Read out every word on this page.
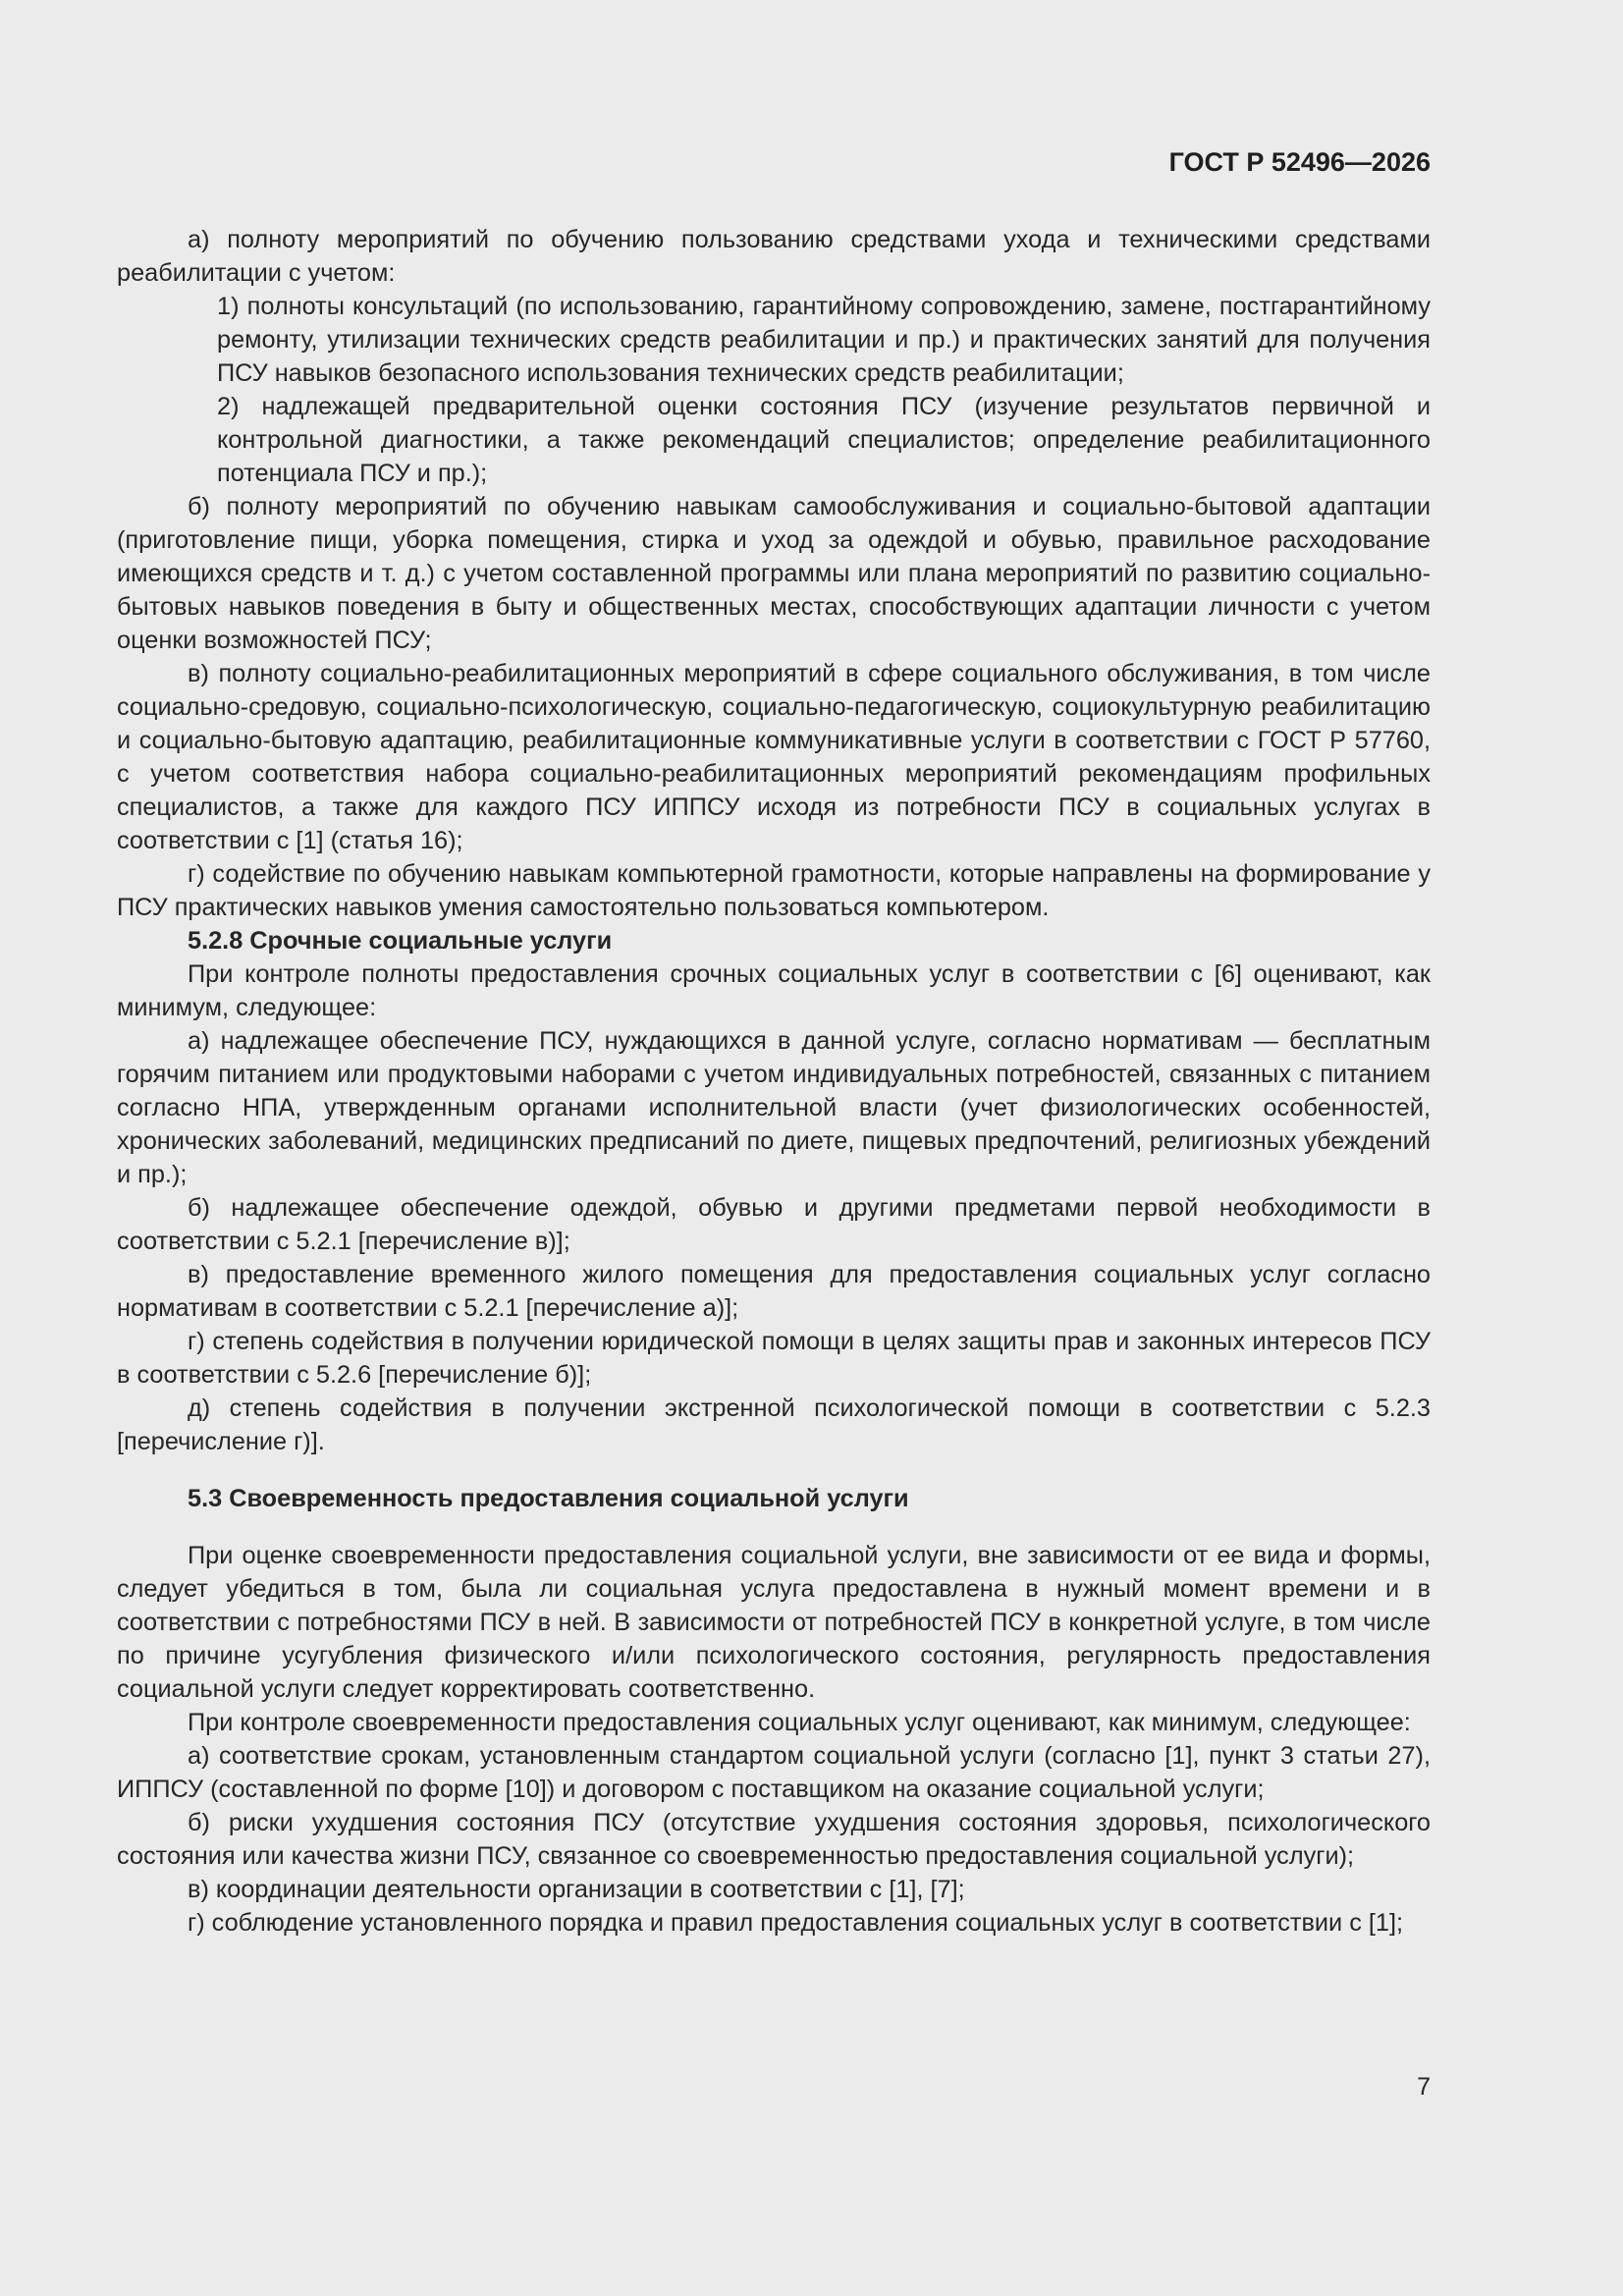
ГОСТ Р 52496—2026

а) полноту мероприятий по обучению пользованию средствами ухода и техническими средствами реабилитации с учетом:

1) полноты консультаций (по использованию, гарантийному сопровождению, замене, постгарантийному ремонту, утилизации технических средств реабилитации и пр.) и практических занятий для получения ПСУ навыков безопасного использования технических средств реабилитации;

2) надлежащей предварительной оценки состояния ПСУ (изучение результатов первичной и контрольной диагностики, а также рекомендаций специалистов; определение реабилитационного потенциала ПСУ и пр.);

б) полноту мероприятий по обучению навыкам самообслуживания и социально-бытовой адаптации (приготовление пищи, уборка помещения, стирка и уход за одеждой и обувью, правильное расходование имеющихся средств и т. д.) с учетом составленной программы или плана мероприятий по развитию социально-бытовых навыков поведения в быту и общественных местах, способствующих адаптации личности с учетом оценки возможностей ПСУ;

в) полноту социально-реабилитационных мероприятий в сфере социального обслуживания, в том числе социально-средовую, социально-психологическую, социально-педагогическую, социокультурную реабилитацию и социально-бытовую адаптацию, реабилитационные коммуникативные услуги в соответствии с ГОСТ Р 57760, с учетом соответствия набора социально-реабилитационных мероприятий рекомендациям профильных специалистов, а также для каждого ПСУ ИППСУ исходя из потребности ПСУ в социальных услугах в соответствии с [1] (статья 16);

г) содействие по обучению навыкам компьютерной грамотности, которые направлены на формирование у ПСУ практических навыков умения самостоятельно пользоваться компьютером.

5.2.8 Срочные социальные услуги

При контроле полноты предоставления срочных социальных услуг в соответствии с [6] оценивают, как минимум, следующее:

а) надлежащее обеспечение ПСУ, нуждающихся в данной услуге, согласно нормативам — бесплатным горячим питанием или продуктовыми наборами с учетом индивидуальных потребностей, связанных с питанием согласно НПА, утвержденным органами исполнительной власти (учет физиологических особенностей, хронических заболеваний, медицинских предписаний по диете, пищевых предпочтений, религиозных убеждений и пр.);

б) надлежащее обеспечение одеждой, обувью и другими предметами первой необходимости в соответствии с 5.2.1 [перечисление в)];

в) предоставление временного жилого помещения для предоставления социальных услуг согласно нормативам в соответствии с 5.2.1 [перечисление а)];

г) степень содействия в получении юридической помощи в целях защиты прав и законных интересов ПСУ в соответствии с 5.2.6 [перечисление б)];

д) степень содействия в получении экстренной психологической помощи в соответствии с 5.2.3 [перечисление г)].

5.3 Своевременность предоставления социальной услуги

При оценке своевременности предоставления социальной услуги, вне зависимости от ее вида и формы, следует убедиться в том, была ли социальная услуга предоставлена в нужный момент времени и в соответствии с потребностями ПСУ в ней. В зависимости от потребностей ПСУ в конкретной услуге, в том числе по причине усугубления физического и/или психологического состояния, регулярность предоставления социальной услуги следует корректировать соответственно.

При контроле своевременности предоставления социальных услуг оценивают, как минимум, следующее:

а) соответствие срокам, установленным стандартом социальной услуги (согласно [1], пункт 3 статьи 27), ИППСУ (составленной по форме [10]) и договором с поставщиком на оказание социальной услуги;

б) риски ухудшения состояния ПСУ (отсутствие ухудшения состояния здоровья, психологического состояния или качества жизни ПСУ, связанное со своевременностью предоставления социальной услуги);

в) координации деятельности организации в соответствии с [1], [7];

г) соблюдение установленного порядка и правил предоставления социальных услуг в соответствии с [1];

7
